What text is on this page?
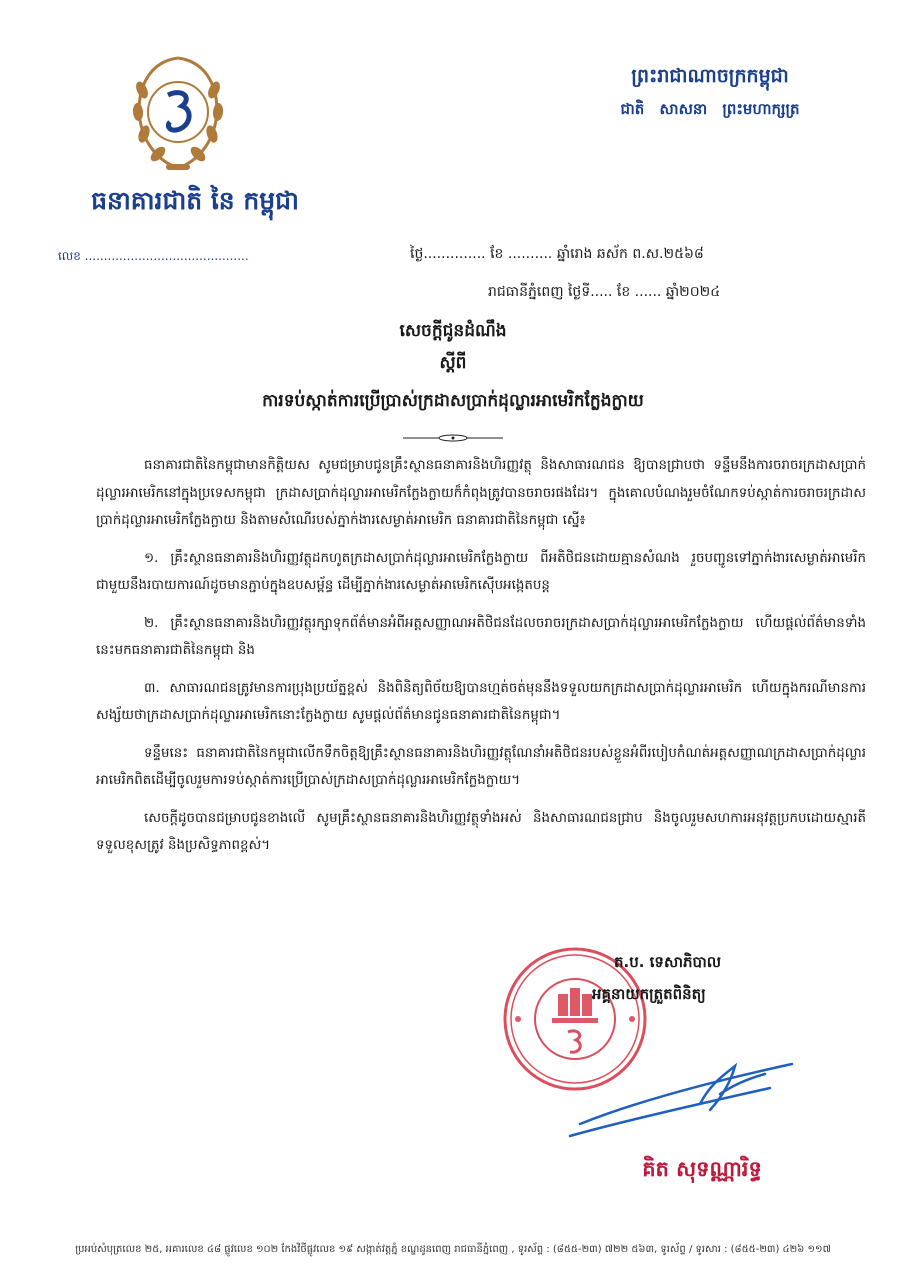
ធនាគារជាតិ នៃ កម្ពុជា
លេខ ...........................................
ព្រះរាជាណាចក្រកម្ពុជា
ជាតិ សាសនា ព្រះមហាក្សត្រ
ថ្ងៃ.............. ខែ .......... ឆ្នាំរោង ឆស័ក ព.ស.២៥៦៨
រាជធានីភ្នំពេញ ថ្ងៃទី..... ខែ ...... ឆ្នាំ២០២៤
សេចក្តីជូនដំណឹង
ស្តីពី
ការទប់ស្កាត់ការប្រើប្រាស់ក្រដាសប្រាក់ដុល្លារអាមេរិកក្លែងក្លាយ

ធនាគារជាតិនៃកម្ពុជាមានកិត្តិយស សូមជម្រាបជូនគ្រឹះស្ថានធនាគារនិងហិរញ្ញវត្ថុ និងសាធារណជន ឱ្យបានជ្រាបថា ទន្ទឹមនឹងការចរាចរក្រដាសប្រាក់ដុល្លារអាមេរិកនៅក្នុងប្រទេសកម្ពុជា ក្រដាសប្រាក់ដុល្លារអាមេរិកក្លែងក្លាយក៏កំពុងត្រូវបានចរាចរផងដែរ។ ក្នុងគោលបំណងរួមចំណែកទប់ស្កាត់ការចរាចរក្រដាសប្រាក់ដុល្លារអាមេរិកក្លែងក្លាយ និងតាមសំណើរបស់ភ្នាក់ងារសេម្ងាត់អាមេរិក ធនាគារជាតិនៃកម្ពុជា ស្នើ៖

១. គ្រឹះស្ថានធនាគារនិងហិរញ្ញវត្ថុដកហូតក្រដាសប្រាក់ដុល្លារអាមេរិកក្លែងក្លាយ ពីអតិថិជនដោយគ្មានសំណង រួចបញ្ជូនទៅភ្នាក់ងារសេម្ងាត់អាមេរិកជាមួយនឹងរបាយការណ៍ដូចមានភ្ជាប់ក្នុងឧបសម្ព័ន្ធ ដើម្បីភ្នាក់ងារសេម្ងាត់អាមេរិកស៊ើបអង្កេតបន្ត

២. គ្រឹះស្ថានធនាគារនិងហិរញ្ញវត្ថុរក្សាទុកព័ត៌មានអំពីអត្តសញ្ញាណអតិថិជនដែលចរាចរក្រដាសប្រាក់ដុល្លារអាមេរិកក្លែងក្លាយ ហើយផ្តល់ព័ត៌មានទាំងនេះមកធនាគារជាតិនៃកម្ពុជា និង

៣. សាធារណជនត្រូវមានការប្រុងប្រយ័ត្នខ្ពស់ និងពិនិត្យពិច័យឱ្យបានហ្មត់ចត់មុននឹងទទួលយកក្រដាសប្រាក់ដុល្លារអាមេរិក ហើយក្នុងករណីមានការសង្ស័យថាក្រដាសប្រាក់ដុល្លារអាមេរិកនោះក្លែងក្លាយ សូមផ្តល់ព័ត៌មានជូនធនាគារជាតិនៃកម្ពុជា។

ទន្ទឹមនេះ ធនាគារជាតិនៃកម្ពុជាលើកទឹកចិត្តឱ្យគ្រឹះស្ថានធនាគារនិងហិរញ្ញវត្ថុណែនាំអតិថិជនរបស់ខ្លួនអំពីរបៀបកំណត់អត្តសញ្ញាណក្រដាសប្រាក់ដុល្លារអាមេរិកពិតដើម្បីចូលរួមការទប់ស្កាត់ការប្រើប្រាស់ក្រដាសប្រាក់ដុល្លារអាមេរិកក្លែងក្លាយ។

សេចក្តីដូចបានជម្រាបជូនខាងលើ សូមគ្រឹះស្ថានធនាគារនិងហិរញ្ញវត្ថុទាំងអស់ និងសាធារណជនជ្រាប និងចូលរួមសហការអនុវត្តប្រកបដោយស្មារតីទទួលខុសត្រូវ និងប្រសិទ្ធភាពខ្ពស់។

ត.ប. ទេសាភិបាល
អគ្គនាយកត្រួតពិនិត្យ
គិត សុទណ្ណារិទ្ធ
ប្រអប់សំបុត្រលេខ ២៥, អគារលេខ ៤៨ ផ្លូវលេខ ១០២ កែងវិថីផ្លូវលេខ ១៩ សង្កាត់វត្តភ្នំ ខណ្ឌដូនពេញ រាជធានីភ្នំពេញ , ទូរស័ព្ទ : (៨៥៥-២៣) ៧២២ ៥៦៣, ទូរស័ព្ទ / ទូរសារ : (៨៥៥-២៣) ៤២៦ ១១៧
